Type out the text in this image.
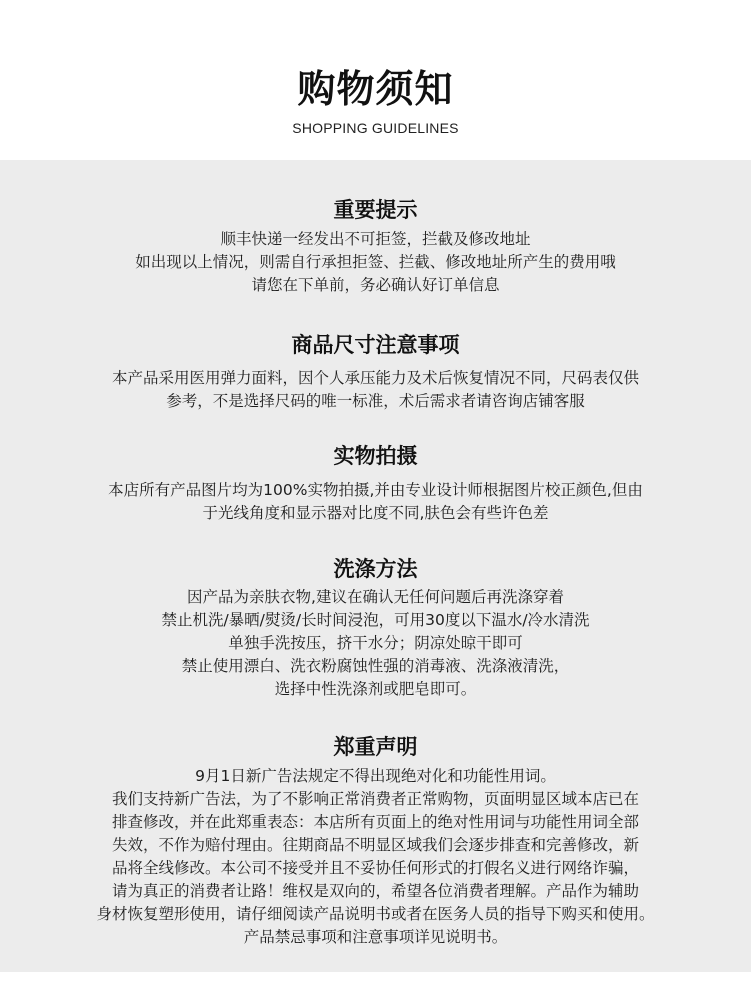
购物须知
SHOPPING GUIDELINES
重要提示
顺丰快递一经发出不可拒签，拦截及修改地址
如出现以上情况，则需自行承担拒签、拦截、修改地址所产生的费用哦
请您在下单前，务必确认好订单信息
商品尺寸注意事项
本产品采用医用弹力面料，因个人承压能力及术后恢复情况不同，尺码表仅供
参考，不是选择尺码的唯一标准，术后需求者请咨询店铺客服
实物拍摄
本店所有产品图片均为100%实物拍摄,并由专业设计师根据图片校正颜色,但由
于光线角度和显示器对比度不同,肤色会有些许色差
洗涤方法
因产品为亲肤衣物,建议在确认无任何问题后再洗涤穿着
禁止机洗/暴晒/熨烫/长时间浸泡，可用30度以下温水/冷水清洗
单独手洗按压，挤干水分；阴凉处晾干即可
禁止使用漂白、洗衣粉腐蚀性强的消毒液、洗涤液清洗，
选择中性洗涤剂或肥皂即可。
郑重声明
9月1日新广告法规定不得出现绝对化和功能性用词。
我们支持新广告法，为了不影响正常消费者正常购物，页面明显区域本店已在
排查修改，并在此郑重表态：本店所有页面上的绝对性用词与功能性用词全部
失效，不作为赔付理由。往期商品不明显区域我们会逐步排查和完善修改，新
品将全线修改。本公司不接受并且不妥协任何形式的打假名义进行网络诈骗，
请为真正的消费者让路！维权是双向的，希望各位消费者理解。产品作为辅助
身材恢复塑形使用，请仔细阅读产品说明书或者在医务人员的指导下购买和使用。
产品禁忌事项和注意事项详见说明书。
